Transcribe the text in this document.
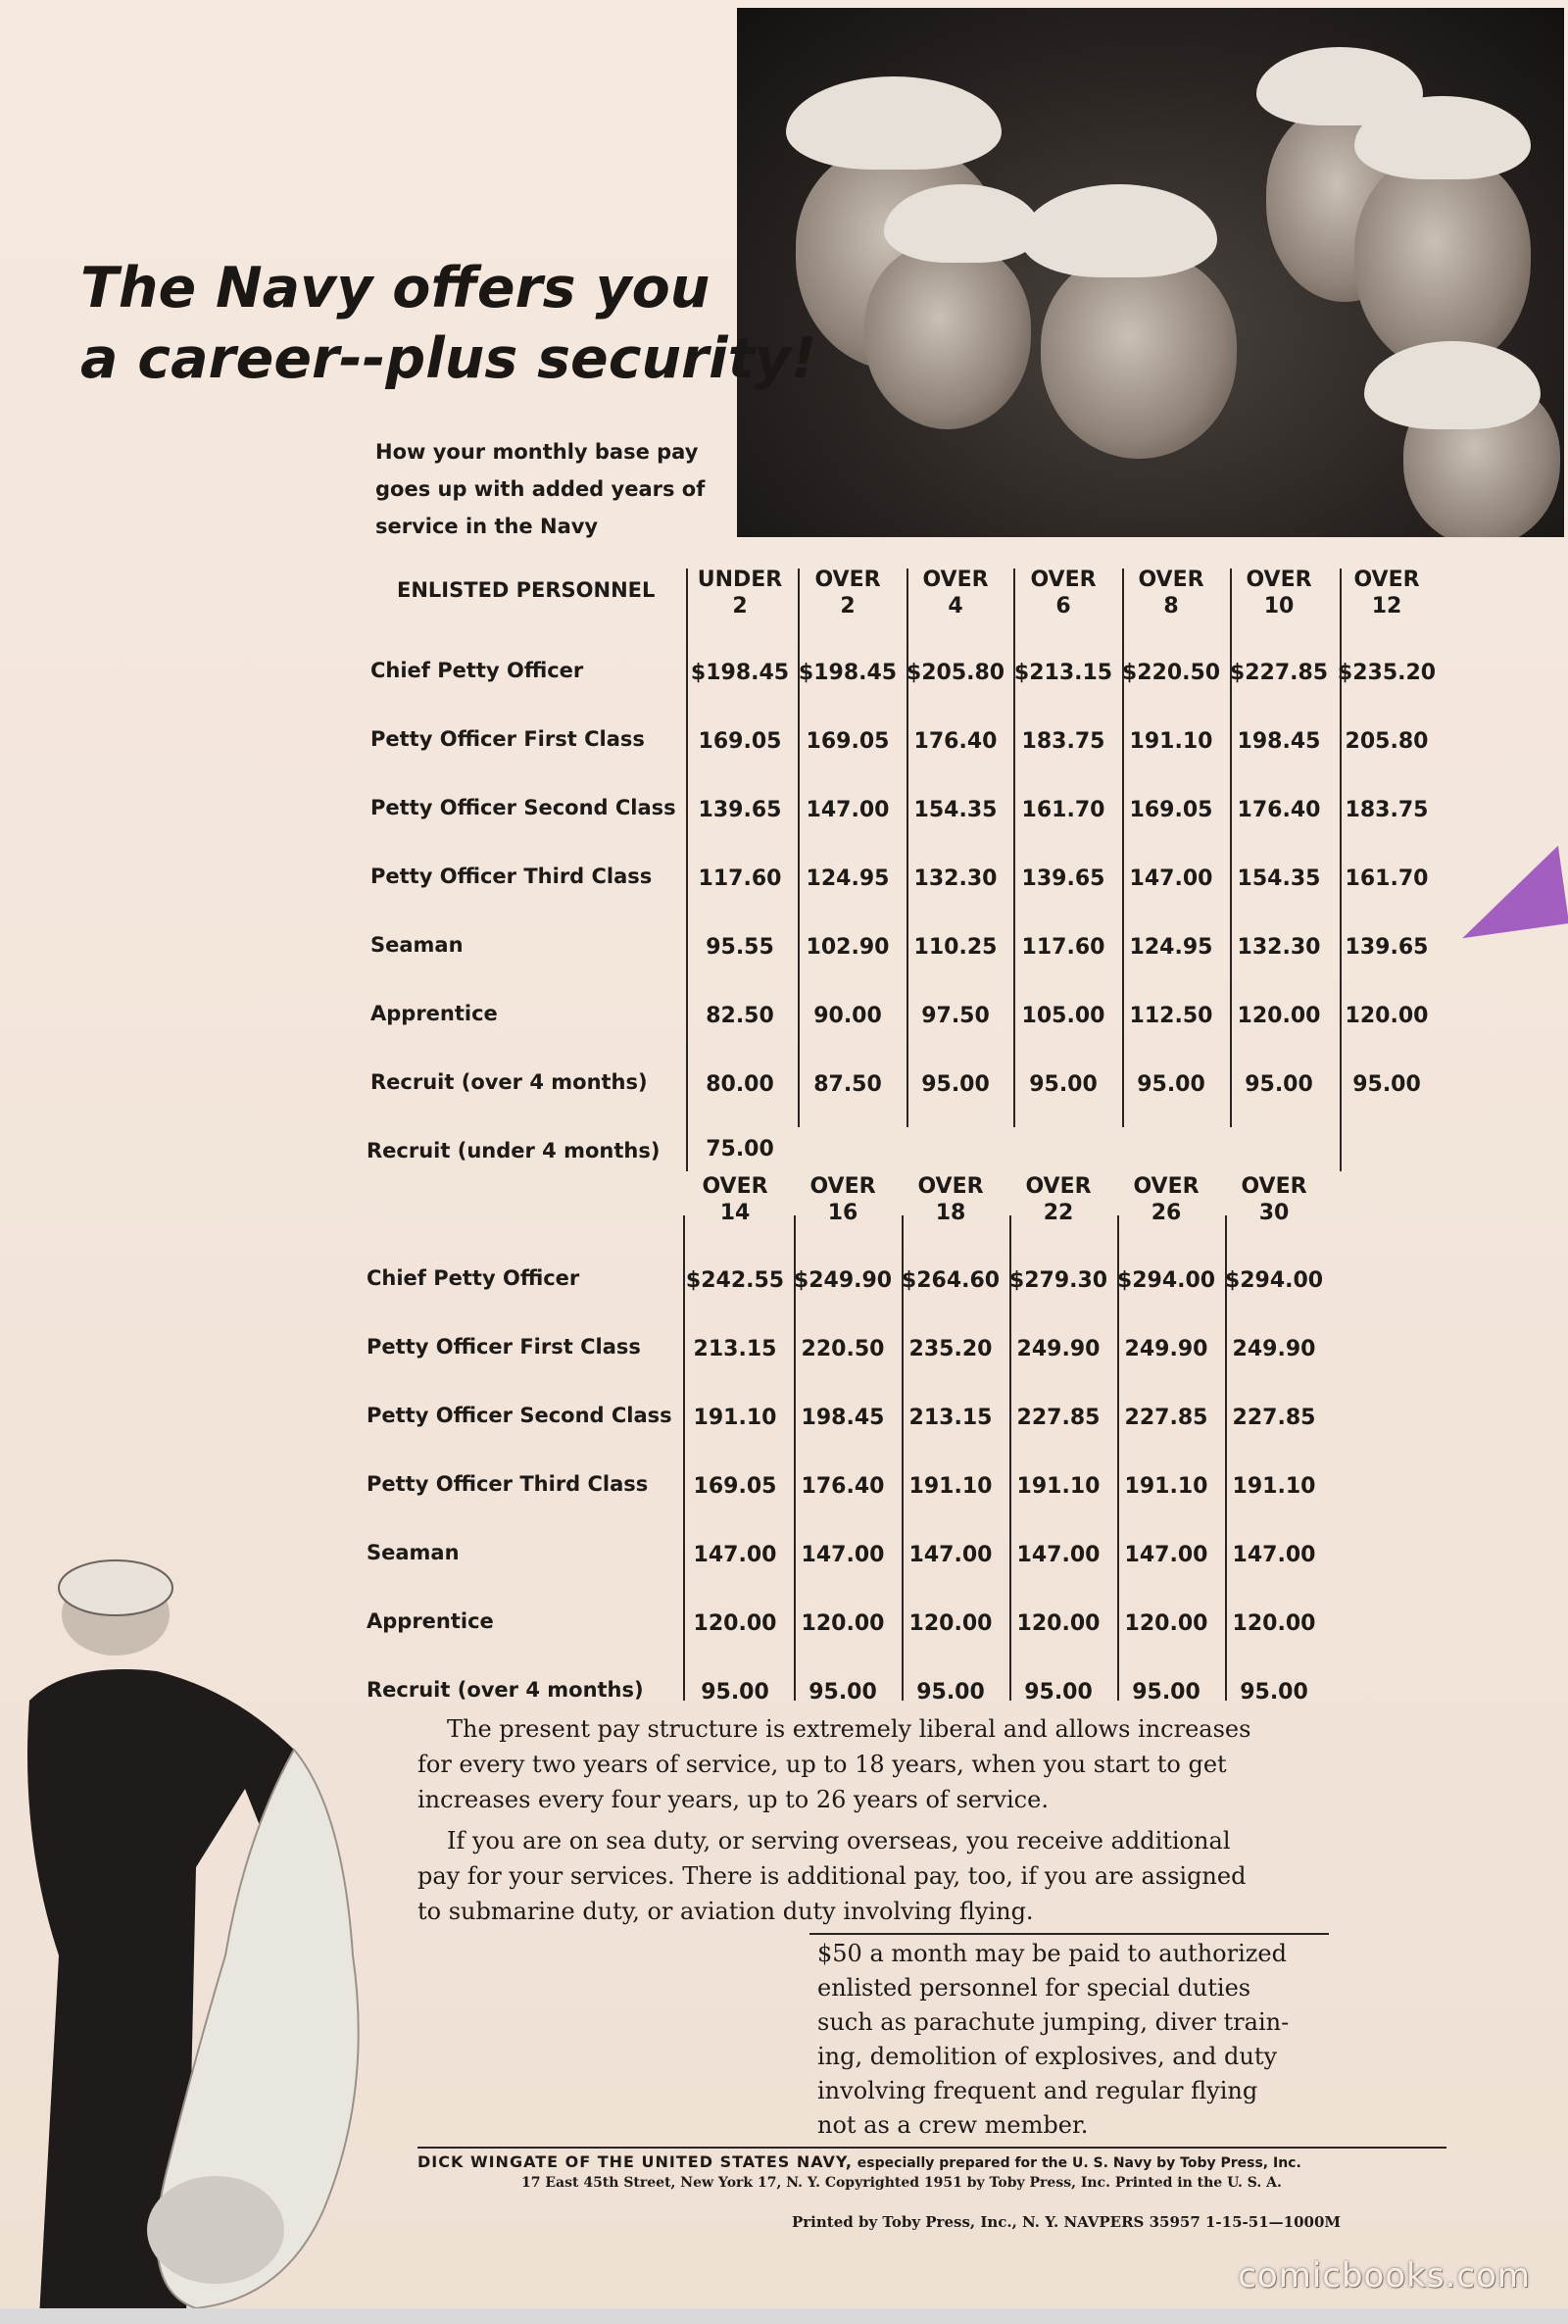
The Navy offers you
a career--plus security!
How your monthly base pay goes up with added years of service in the Navy
ENLISTED PERSONNEL	UNDER
2
OVER
2
OVER
4
OVER
6
OVER
8
OVER
10
OVER
12
Chief Petty Officer	$198.45 $198.45 $205.80 $213.15 $220.50 $227.85 $235.20
Petty Officer First Class	169.05	169.05	176.40	183.75	191.10	198.45	205.80
Petty Officer Second Class	139.65	147.00	154.35	161.70	169.05	176.40	183.75
Petty Officer Third Class	117.60	124.95	132.30	139.65	147.00	154.35	161.70
Seaman	95.55	102.90	110.25	117.60	124.95	132.30	139.65
Apprentice	82.50	90.00	97.50	105.00	112.50	120.00	120.00
Recruit (over 4 months)	80.00	87.50	95.00	95.00	95.00	95.00	95.00
Recruit (under 4 months)	75.00
OVER
14
OVER
16
OVER
18
OVER
22
OVER
26
OVER
30
Chief Petty Officer	$242.55 $249.90 $264.60 $279.30 $294.00 $294.00
Petty Officer First Class	213.15	220.50	235.20	249.90	249.90	249.90
Petty Officer Second Class 191.10	198.45	213.15	227.85	227.85	227.85
Petty Officer Third Class	169.05	176.40	191.10	191.10	191.10	191.10
Seaman	147.00	147.00	147.00	147.00	147.00	147.00
Apprentice	120.00	120.00	120.00	120.00	120.00	120.00
Recruit (over 4 months)	95.00	95.00	95.00	95.00	95.00	95.00
The present pay structure is extremely liberal and allows increases
for every two years of service, up to 18 years, when you start to get
increases every four years, up to 26 years of service.
If you are on sea duty, or serving overseas, you receive additional
pay for your services. There is additional pay, too, if you are assigned
to submarine duty, or aviation duty involving flying.
$50 a month may be paid to authorized
enlisted personnel for special duties
such as parachute jumping, diver train-
ing, demolition of explosives, and duty
involving frequent and regular flying
not as a crew member.
DICK WINGATE OF THE UNITED STATES NAVY, especially prepared for the U. S. Navy by Toby Press, Inc.
17 East 45th Street, New York 17, N. Y. Copyrighted 1951 by Toby Press, Inc. Printed in the U. S. A.
Printed by Toby Press, Inc., N. Y. NAVPERS 35957 1-15-51—1000M
comicbooks.com
